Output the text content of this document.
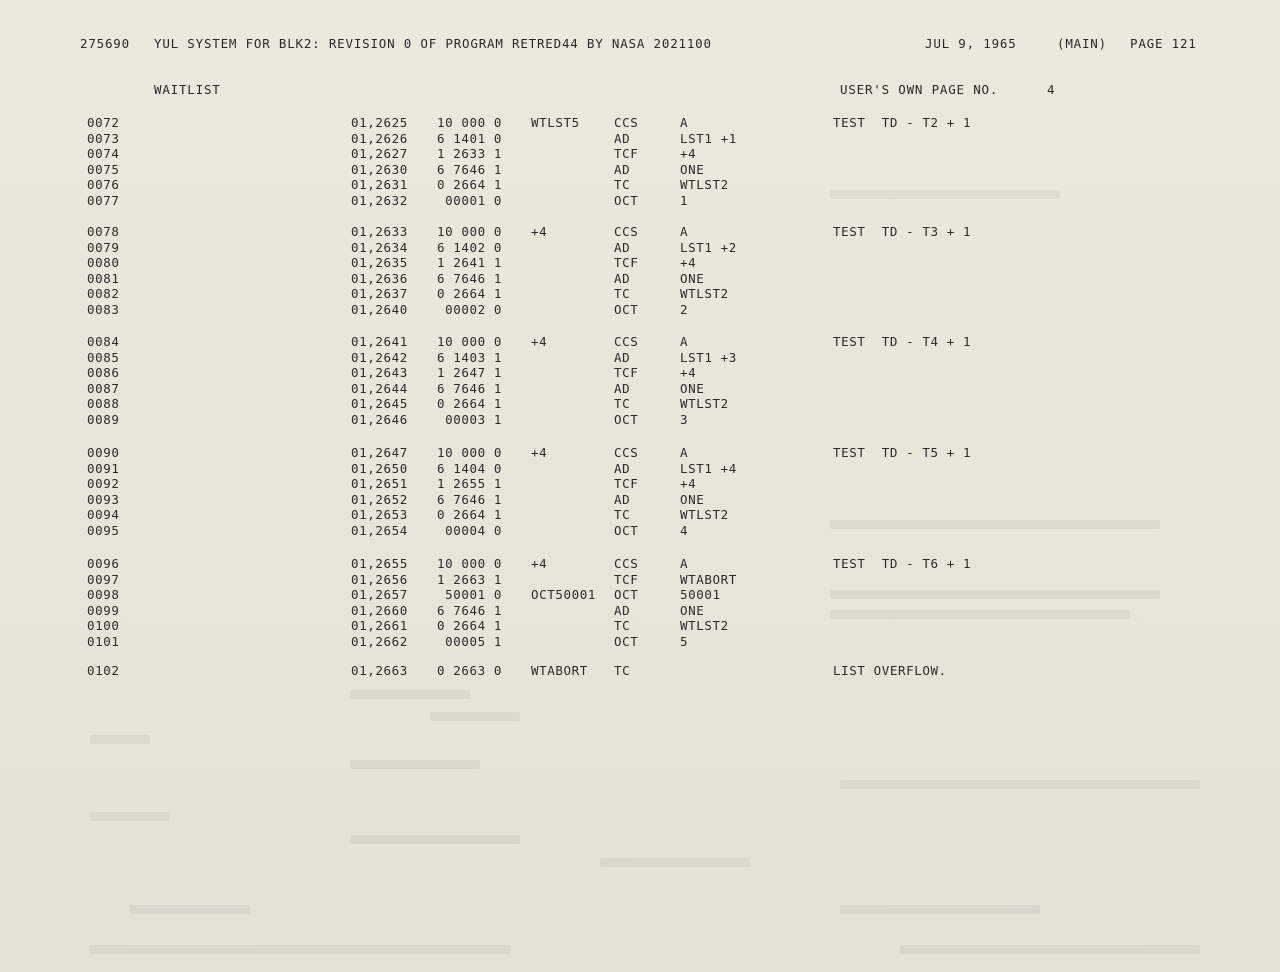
275690 YUL SYSTEM FOR BLK2: REVISION 0 OF PROGRAM RETRED44 BY NASA 2021100	JUL 9, 1965	(MAIN) PAGE 121
WAITLIST	USER'S OWN PAGE NO.	4
0072	01,2625 10 000 0 WTLST5	CCS	A	TEST  TD - T2 + 1
0073	01,2626 6 1401 0	AD	LST1 +1
0074	01,2627 1 2633 1	TCF	+4
0075	01,2630 6 7646 1	AD	ONE
0076	01,2631 0 2664 1	TC	WTLST2
0077	01,2632 00001 0	OCT	1
0078	01,2633 10 000 0 +4	CCS	A	TEST  TD - T3 + 1
0079	01,2634 6 1402 0	AD	LST1 +2
0080	01,2635 1 2641 1	TCF	+4
0081	01,2636 6 7646 1	AD	ONE
0082	01,2637 0 2664 1	TC	WTLST2
0083	01,2640 00002 0	OCT	2
0084	01,2641 10 000 0 +4	CCS	A	TEST  TD - T4 + 1
0085	01,2642 6 1403 1	AD	LST1 +3
0086	01,2643 1 2647 1	TCF	+4
0087	01,2644 6 7646 1	AD	ONE
0088	01,2645 0 2664 1	TC	WTLST2
0089	01,2646 00003 1	OCT	3
0090	01,2647 10 000 0 +4	CCS	A	TEST  TD - T5 + 1
0091	01,2650 6 1404 0	AD	LST1 +4
0092	01,2651 1 2655 1	TCF	+4
0093	01,2652 6 7646 1	AD	ONE
0094	01,2653 0 2664 1	TC	WTLST2
0095	01,2654 00004 0	OCT	4
0096	01,2655 10 000 0 +4	CCS	A	TEST  TD - T6 + 1
0097	01,2656 1 2663 1	TCF	WTABORT
0098	01,2657 50001 0 OCT50001 OCT	50001
0099	01,2660 6 7646 1	AD	ONE
0100	01,2661 0 2664 1	TC	WTLST2
0101	01,2662 00005 1	OCT	5
0102	01,2663 0 2663 0 WTABORT TC	LIST OVERFLOW.
